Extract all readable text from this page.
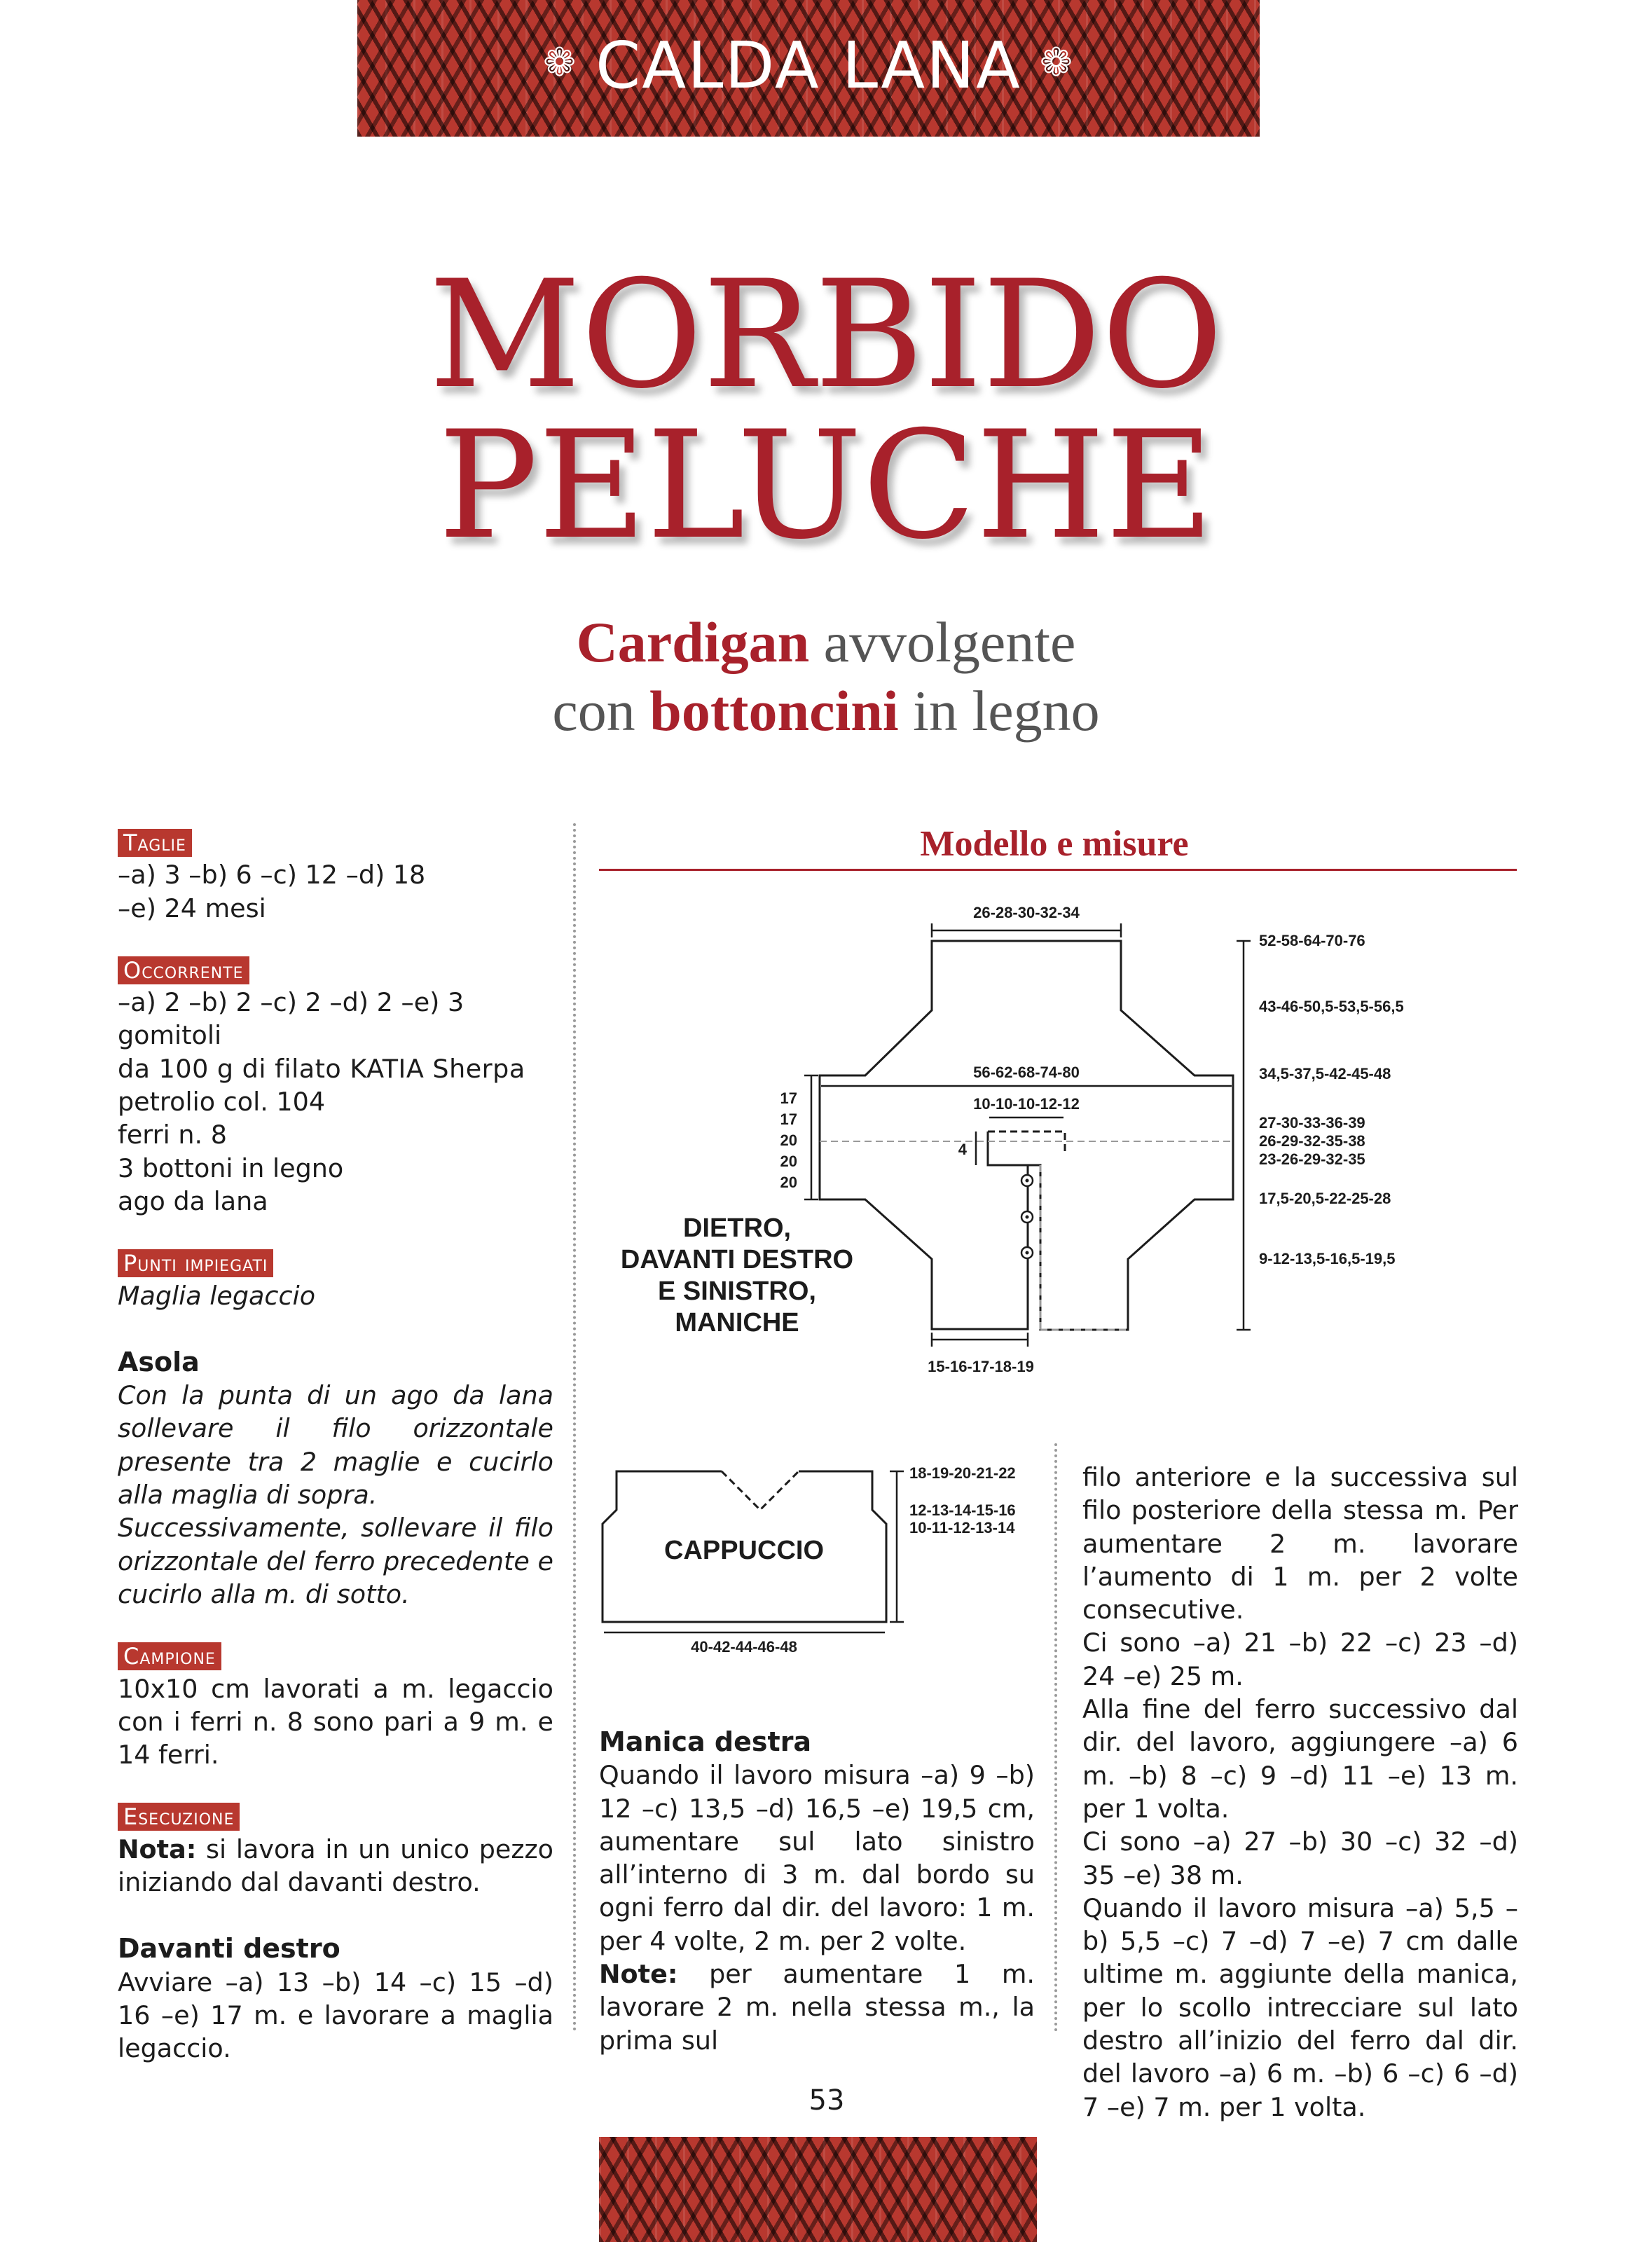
❁ CALDA LANA ❁
MORBIDO
PELUCHE
Cardigan avvolgente
con bottoncini in legno
Taglie

–a) 3 –b) 6 –c) 12 –d) 18

–e) 24 mesi

Occorrente

–a) 2 –b) 2 –c) 2 –d) 2 –e) 3 gomitoli

da 100 g di filato KATIA Sherpa

petrolio col. 104

ferri n. 8

3 bottoni in legno

ago da lana

Punti impiegati

Maglia legaccio

Asola

Con la punta di un ago da lana sollevare il filo orizzontale presente tra 2 maglie e cucirlo alla maglia di sopra.

Successivamente, sollevare il filo orizzontale del ferro precedente e cucirlo alla m. di sotto.

Campione

10x10 cm lavorati a m. legaccio con i ferri n. 8 sono pari a 9 m. e 14 ferri.

Esecuzione

Nota: si lavora in un unico pezzo iniziando dal davanti destro.

Davanti destro

Avviare –a) 13 –b) 14 –c) 15 –d) 16 –e) 17 m. e lavorare a maglia legaccio.

Modello e misure
26-28-30-32-34
56-62-68-74-80
10-10-10-12-12
4
15-16-17-18-19
17
17
20
20
20
52-58-64-70-76
43-46-50,5-53,5-56,5
34,5-37,5-42-45-48
27-30-33-36-39
26-29-32-35-38
23-26-29-32-35
17,5-20,5-22-25-28
9-12-13,5-16,5-19,5
DIETRO,
DAVANTI DESTRO
E SINISTRO,
MANICHE
CAPPUCCIO
18-19-20-21-22
12-13-14-15-16
10-11-12-13-14
40-42-44-46-48

Manica destra

Quando il lavoro misura –a) 9 –b) 12 –c) 13,5 –d) 16,5 –e) 19,5 cm, aumentare sul lato sinistro all’interno di 3 m. dal bordo su ogni ferro dal dir. del lavoro: 1 m. per 4 volte, 2 m. per 2 volte.

Note: per aumentare 1 m. lavorare 2 m. nella stessa m., la prima sul

filo anteriore e la successiva sul filo posteriore della stessa m. Per aumentare 2 m. lavorare l’aumento di 1 m. per 2 volte consecutive.

Ci sono –a) 21 –b) 22 –c) 23 –d) 24 –e) 25 m.

Alla fine del ferro successivo dal dir. del lavoro, aggiungere –a) 6 m. –b) 8 –c) 9 –d) 11 –e) 13 m. per 1 volta.

Ci sono –a) 27 –b) 30 –c) 32 –d) 35 –e) 38 m.

Quando il lavoro misura –a) 5,5 –b) 5,5 –c) 7 –d) 7 –e) 7 cm dalle ultime m. aggiunte della manica, per lo scollo intrecciare sul lato destro all’inizio del ferro dal dir. del lavoro –a) 6 m. –b) 6 –c) 6 –d) 7 –e) 7 m. per 1 volta.

53
